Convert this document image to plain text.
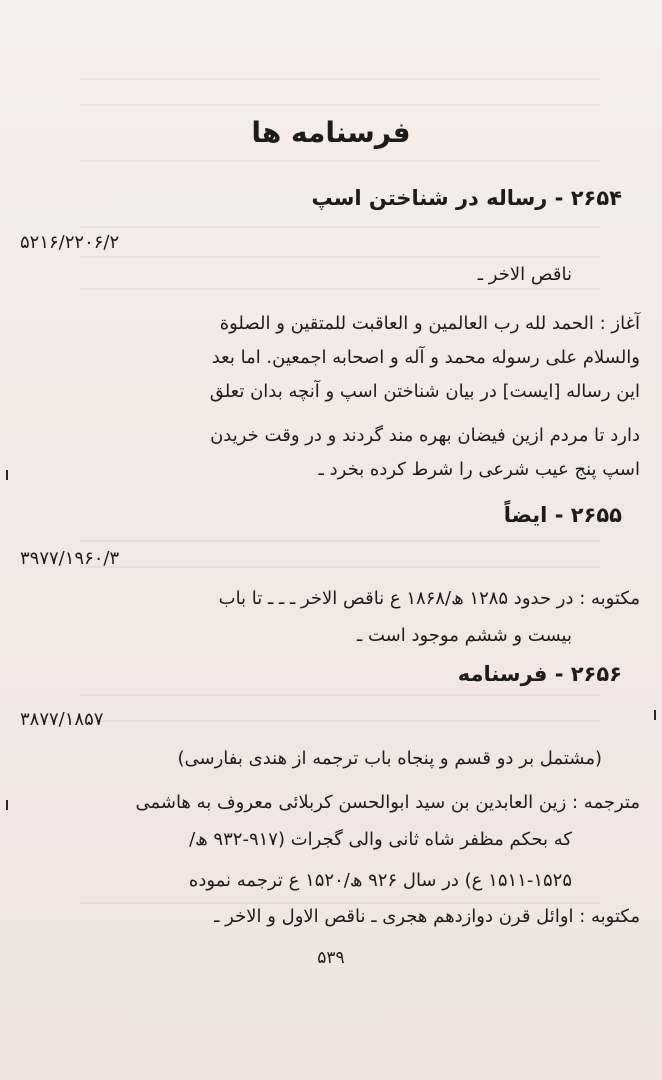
فرسنامه ها
۲۶۵۴ - رساله در شناختن اسپ
۵۲۱۶/۲۲۰۶/۲
ناقص الاخر ـ
آغاز : الحمد لله رب العالمین و العاقبت للمتقین و الصلوة
والسلام علی رسوله محمد و آله و اصحابه اجمعین. اما بعد
این رساله [ایست] در بیان شناختن اسپ و آنچه بدان تعلق
دارد تا مردم ازین فیضان بهره مند گردند و در وقت خریدن
اسپ پنج عیب شرعی را شرط کرده بخرد ـ
۲۶۵۵ - ایضاً
۳۹۷۷/۱۹۶۰/۳
مکتوبه : در حدود ۱۲۸۵ ھ/۱۸۶۸ ع ناقص الاخر ـ ـ ـ تا باب
بیست و ششم موجود است ـ
۲۶۵۶ - فرسنامه
۳۸۷۷/۱۸۵۷
(مشتمل بر دو قسم و پنجاه باب ترجمه از هندی بفارسی)
مترجمه : زین العابدین بن سید ابوالحسن کربلائی معروف به هاشمی
که بحکم مظفر شاه ثانی والی گجرات (۹۱۷-۹۳۲ ھ/
۱۵۱۱-۱۵۲۵ ع) در سال ۹۲۶ ھ/۱۵۲۰ ع ترجمه نموده
مکتوبه : اوائل قرن دوازدهم هجری ـ ناقص الاول و الاخر ـ
۵۳۹
